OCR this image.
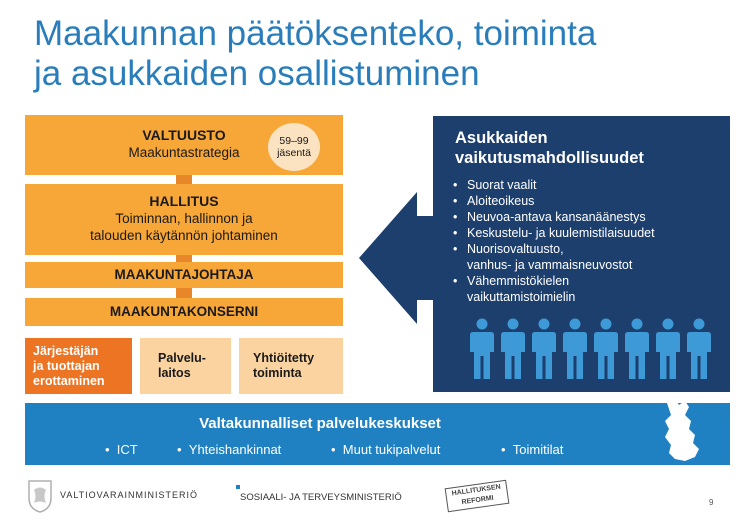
Maakunnan päätöksenteko, toiminta
ja asukkaiden osallistuminen
VALTUUSTO
Maakuntastrategia
59–99
jäsentä
HALLITUS
Toiminnan, hallinnon ja
talouden käytännön johtaminen
MAAKUNTAJOHTAJA
MAAKUNTAKONSERNI
Järjestäjän
ja tuottajan
erottaminen
Palvelu-
laitos
Yhtiöitetty
toiminta
Asukkaiden
vaikutusmahdollisuudet
• Suorat vaalit
• Aloiteoikeus
• Neuvoa-antava kansanäänestys
• Keskustelu- ja kuulemistilaisuudet
• Nuorisovaltuusto,
vanhus- ja vammaisneuvostot
• Vähemmistökielen
vaikuttamistoimielin
Valtakunnalliset palvelukeskukset
•  ICT	•  Yhteishankinnat	•  Muut tukipalvelut	•  Toimitilat
VALTIOVARAINMINISTERIÖ	SOSIAALI- JA TERVEYSMINISTERIÖ
HALLITUKSEN
REFORMI	9
